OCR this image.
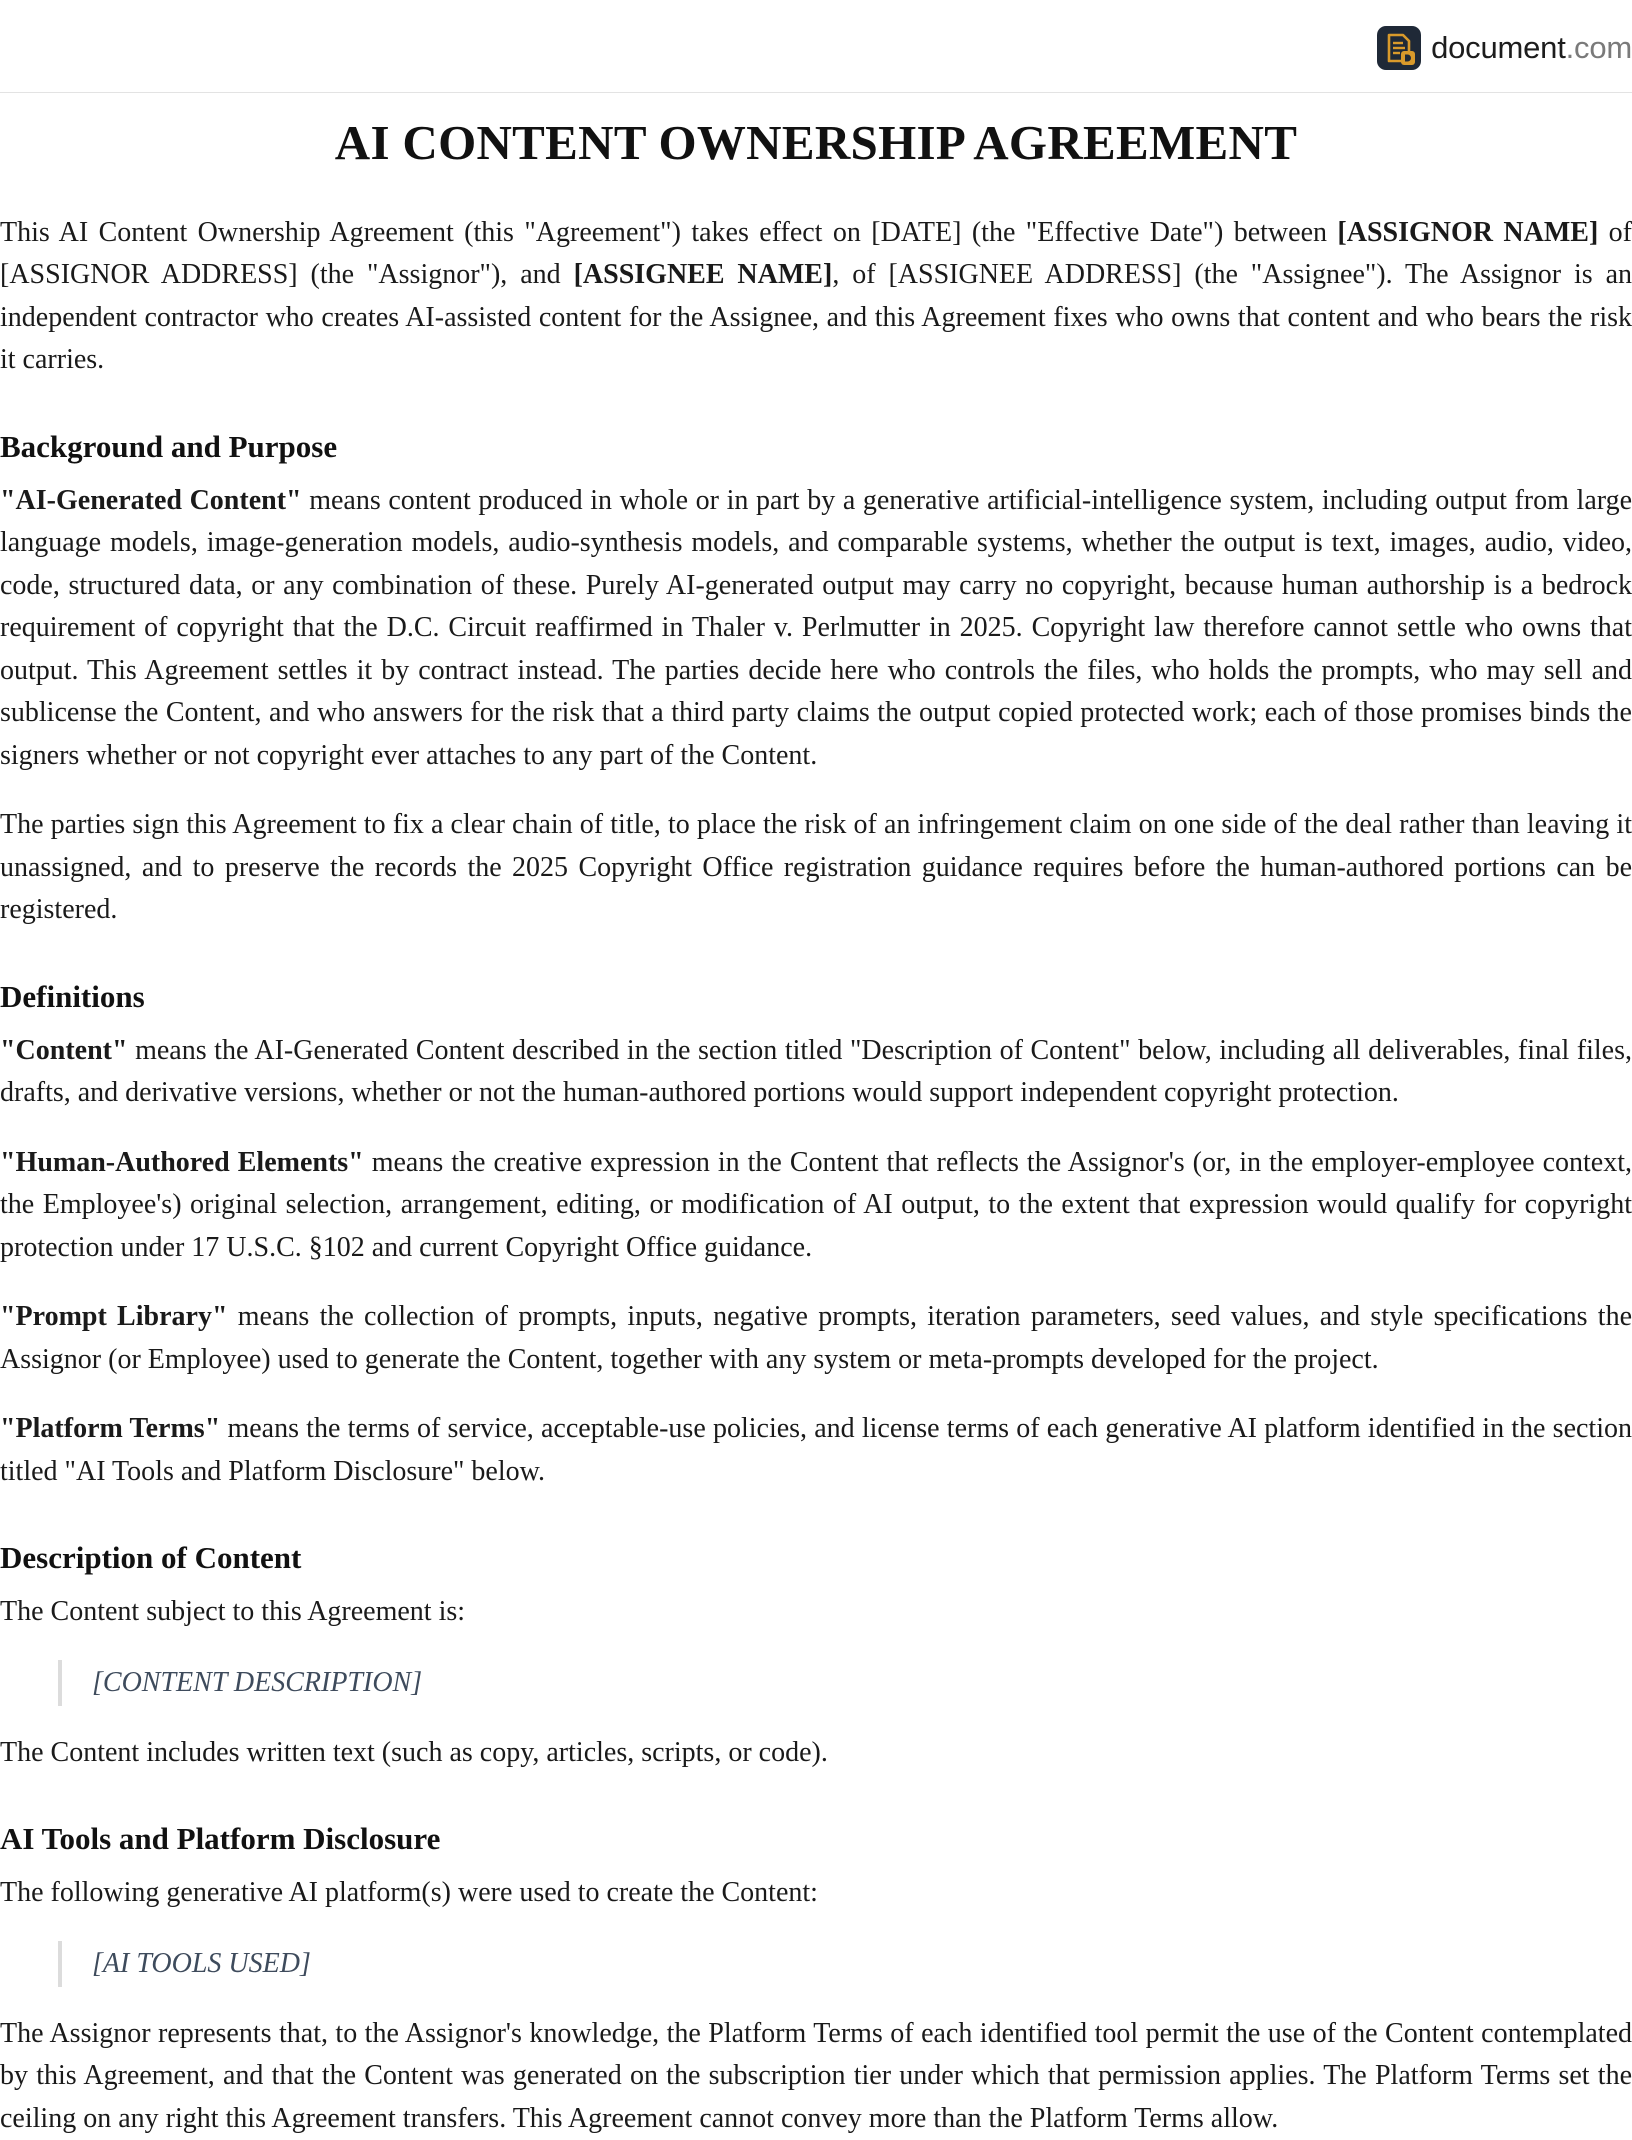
document.com
AI CONTENT OWNERSHIP AGREEMENT

This AI Content Ownership Agreement (this "Agreement") takes effect on [DATE] (the "Effective Date") between [ASSIGNOR NAME] of [ASSIGNOR ADDRESS] (the "Assignor"), and [ASSIGNEE NAME], of [ASSIGNEE ADDRESS] (the "Assignee"). The Assignor is an independent contractor who creates AI-assisted content for the Assignee, and this Agreement fixes who owns that content and who bears the risk it carries.

Background and Purpose

"AI-Generated Content" means content produced in whole or in part by a generative artificial-intelligence system, including output from large language models, image-generation models, audio-synthesis models, and comparable systems, whether the output is text, images, audio, video, code, structured data, or any combination of these. Purely AI-generated output may carry no copyright, because human authorship is a bedrock requirement of copyright that the D.C. Circuit reaffirmed in Thaler v. Perlmutter in 2025. Copyright law therefore cannot settle who owns that output. This Agreement settles it by contract instead. The parties decide here who controls the files, who holds the prompts, who may sell and sublicense the Content, and who answers for the risk that a third party claims the output copied protected work; each of those promises binds the signers whether or not copyright ever attaches to any part of the Content.

The parties sign this Agreement to fix a clear chain of title, to place the risk of an infringement claim on one side of the deal rather than leaving it unassigned, and to preserve the records the 2025 Copyright Office registration guidance requires before the human-authored portions can be registered.

Definitions

"Content" means the AI-Generated Content described in the section titled "Description of Content" below, including all deliverables, final files, drafts, and derivative versions, whether or not the human-authored portions would support independent copyright protection.

"Human-Authored Elements" means the creative expression in the Content that reflects the Assignor's (or, in the employer-employee context, the Employee's) original selection, arrangement, editing, or modification of AI output, to the extent that expression would qualify for copyright protection under 17 U.S.C. §102 and current Copyright Office guidance.

"Prompt Library" means the collection of prompts, inputs, negative prompts, iteration parameters, seed values, and style specifications the Assignor (or Employee) used to generate the Content, together with any system or meta-prompts developed for the project.

"Platform Terms" means the terms of service, acceptable-use policies, and license terms of each generative AI platform identified in the section titled "AI Tools and Platform Disclosure" below.

Description of Content

The Content subject to this Agreement is:

[CONTENT DESCRIPTION]

The Content includes written text (such as copy, articles, scripts, or code).

AI Tools and Platform Disclosure

The following generative AI platform(s) were used to create the Content:

[AI TOOLS USED]

The Assignor represents that, to the Assignor's knowledge, the Platform Terms of each identified tool permit the use of the Content contemplated by this Agreement, and that the Content was generated on the subscription tier under which that permission applies. The Platform Terms set the ceiling on any right this Agreement transfers. This Agreement cannot convey more than the Platform Terms allow.
